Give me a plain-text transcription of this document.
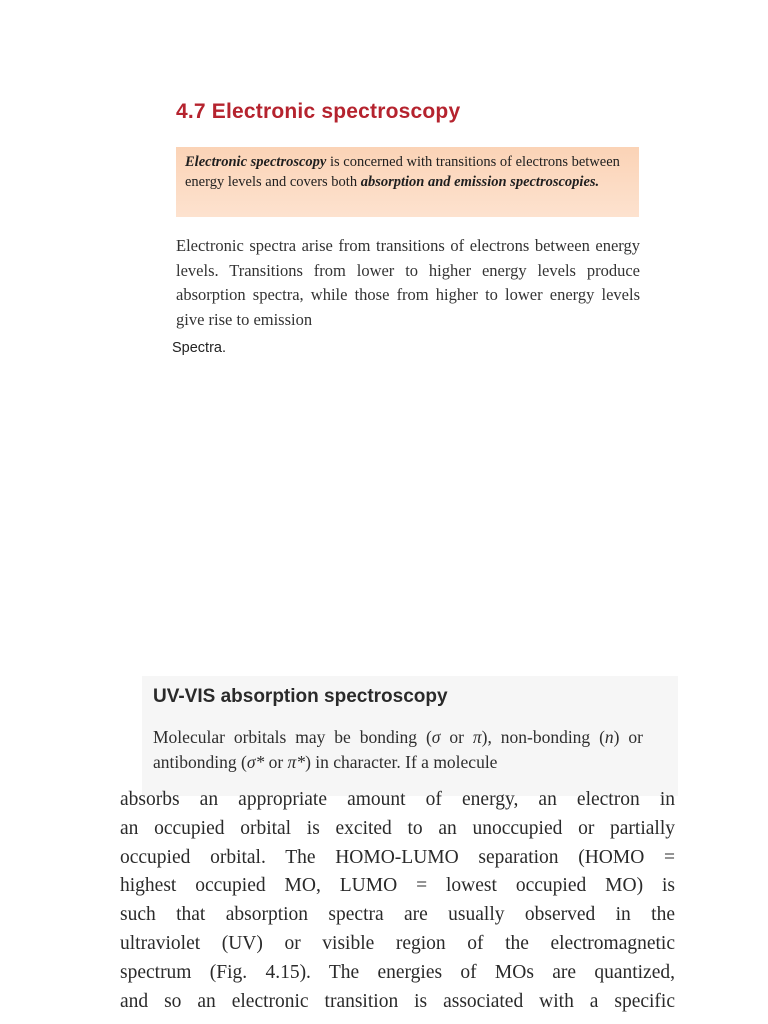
4.7 Electronic spectroscopy
Electronic spectroscopy is concerned with transitions of electrons between energy levels and covers both absorption and emission spectroscopies.

Electronic spectra arise from transitions of electrons between energy levels. Transitions from lower to higher energy levels produce absorption spectra, while those from higher to lower energy levels give rise to emission

Spectra.

UV-VIS absorption spectroscopy

Molecular orbitals may be bonding (σ or π), non-bonding (n) or antibonding (σ* or π*) in character. If a molecule

absorbs an appropriate amount of energy, an electron in
an occupied orbital is excited to an unoccupied or partially
occupied orbital. The HOMO-LUMO separation (HOMO =
highest occupied MO, LUMO = lowest occupied MO) is
such that absorption spectra are usually observed in the
ultraviolet (UV) or visible region of the electromagnetic
spectrum (Fig. 4.15). The energies of MOs are quantized,
and so an electronic transition is associated with a specific
